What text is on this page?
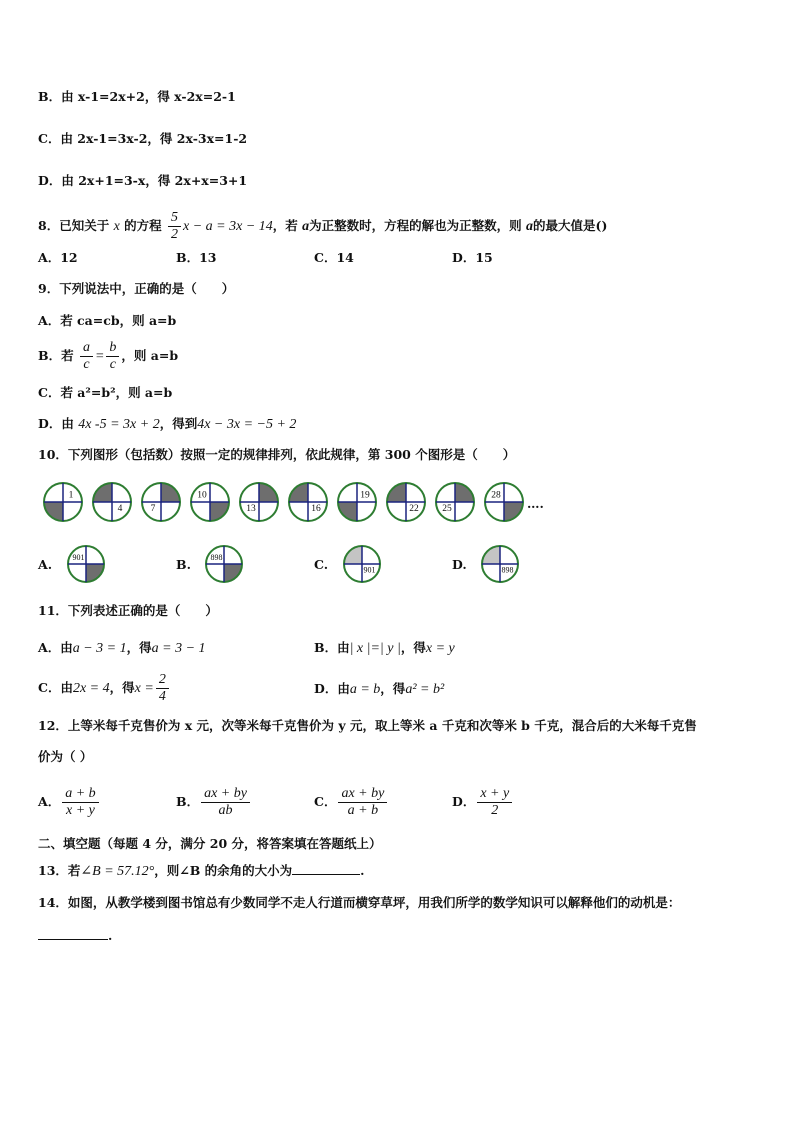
B．由 x-1=2x+2，得 x-2x=2-1
C．由 2x-1=3x-2，得 2x-3x=1-2
D．由 2x+1=3-x，得 2x+x=3+1
8．已知关于 x 的方程 $\frac{5}{2}$ x − a = 3x − 14，若 a为正整数时，方程的解也为正整数，则 a的最大值是()
A．12	B．13	C．14	D．15
9．下列说法中，正确的是（　　）
A．若 ca=cb，则 a=b
B．若 $\frac{a}{c} = \frac{b}{c}$ ，则 a=b
C．若 a²=b²，则 a=b
D．由 4x -5 = 3x + 2，得到4x − 3x = −5 + 2
10．下列图形（包括数）按照一定的规律排列，依此规律，第 300 个图形是（　　）
1
4	7
10
13	16
19
22 25
28
….
A.	901	B. 898	C.	901	D.	898
11．下列表述正确的是（　　）
A．由a − 3 = 1，得a = 3 − 1	B．由| x |=| y |，得x = y
C．由2x = 4，得$x = \frac{2}{4}$	D．由a = b，得a² = b²
12．上等米每千克售价为 x 元，次等米每千克售价为 y 元，取上等米 a 千克和次等米 b 千克，混合后的大米每千克售
价为（ ）
A． $\frac{a + b}{x + y}$	B． $\frac{ax + by}{ab}$	C． $\frac{ax + by}{a + b}$	D． $\frac{x + y}{2}$
二、填空题（每题 4 分，满分 20 分，将答案填在答题纸上）
13．若∠B = 57.12°，则∠B 的余角的大小为	.
14．如图，从教学楼到图书馆总有少数同学不走人行道而横穿草坪，用我们所学的数学知识可以解释他们的动机是：
.
